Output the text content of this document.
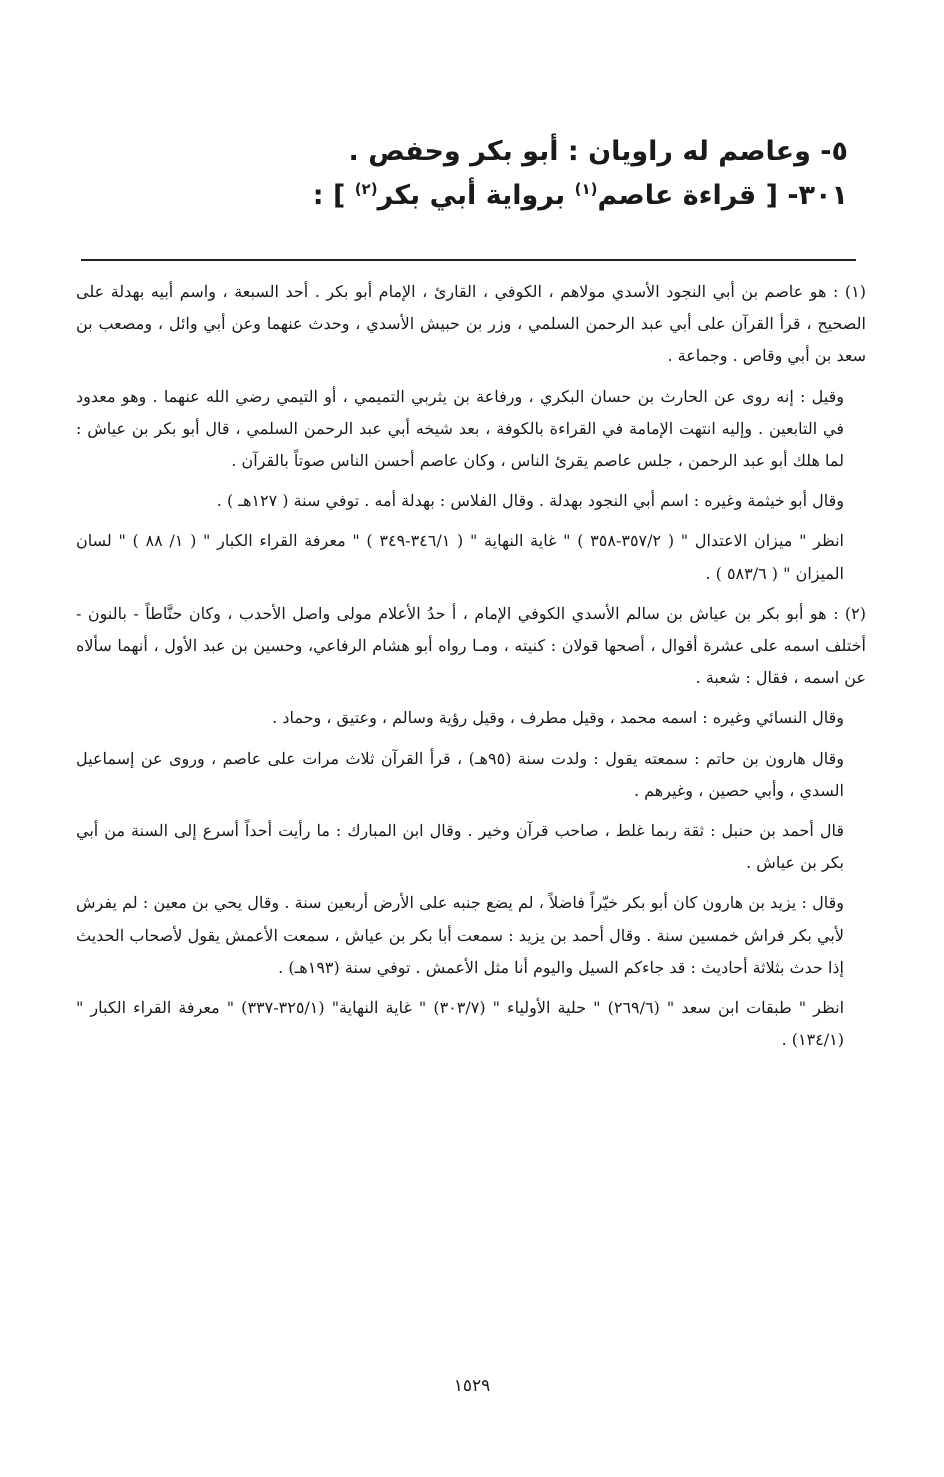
٥- وعاصم له راويان : أبو بكر وحفص .
٣٠١- [ قراءة عاصم$^{(١)}$ برواية أبي بكر$^{(٢)}$ ] :

(١) : هو عاصم بن أبي النجود الأسدي مولاهم ، الكوفي ، القارئ ، الإمام أبو بكر . أحد السبعة ، واسم أبيه بهدلة على الصحيح ، قرأ القرآن على أبي عبد الرحمن السلمي ، وزر بن حبيش الأسدي ، وحدث عنهما وعن أبي وائل ، ومصعب بن سعد بن أبي وقاص . وجماعة .

وقيل : إنه روى عن الحارث بن حسان البكري ، ورفاعة بن يثربي التميمي ، أو التيمي رضي الله عنهما . وهو معدود في التابعين . وإليه انتهت الإمامة في القراءة بالكوفة ، بعد شيخه أبي عبد الرحمن السلمي ، قال أبو بكر بن عياش : لما هلك أبو عبد الرحمن ، جلس عاصم يقرئ الناس ، وكان عاصم أحسن الناس صوتاً بالقرآن .

وقال أبو خيثمة وغيره : اسم أبي النجود بهدلة . وقال الفلاس : بهدلة أمه . توفي سنة ( ١٢٧هـ ) .

انظر " ميزان الاعتدال " ( ٣٥٧/٢-٣٥٨ ) " غاية النهاية " ( ٣٤٦/١-٣٤٩ ) " معرفة القراء الكبار " ( ١/ ٨٨ ) " لسان الميزان " ( ٥٨٣/٦ ) .

(٢) : هو أبو بكر بن عياش بن سالم الأسدي الكوفي الإمام ، أ حدُ الأعلام مولى واصل الأحدب ، وكان حنَّاطاً - بالنون - أختلف اسمه على عشرة أقوال ، أصحها قولان : كنيته ، ومـا رواه أبو هشام الرفاعي، وحسين بن عبد الأول ، أنهما سألاه عن اسمه ، فقال : شعبة .

وقال النسائي وغيره : اسمه محمد ، وقيل مطرف ، وقيل رؤية وسالم ، وعتيق ، وحماد .

وقال هارون بن حاتم : سمعته يقول : ولدت سنة (٩٥هـ) ، قرأ القرآن ثلاث مرات على عاصم ، وروى عن إسماعيل السدي ، وأبي حصين ، وغيرهم .

قال أحمد بن حنبل : ثقة ربما غلط ، صاحب قرآن وخير . وقال ابن المبارك : ما رأيت أحداً أسرع إلى السنة من أبي بكر بن عياش .

وقال : يزيد بن هارون كان أبو بكر خيّراً فاضلاً ، لم يضع جنبه على الأرض أربعين سنة . وقال يحي بن معين : لم يفرش لأبي بكر فراش خمسين سنة . وقال أحمد بن يزيد : سمعت أبا بكر بن عياش ، سمعت الأعمش يقول لأصحاب الحديث إذا حدث بثلاثة أحاديث : قد جاءكم السيل واليوم أنا مثل الأعمش . توفي سنة (١٩٣هـ) .

انظر " طبقات ابن سعد " (٢٦٩/٦) " حلية الأولياء " (٣٠٣/٧) " غاية النهاية" (٣٢٥/١-٣٣٧) " معرفة القراء الكبار " (١٣٤/١) .

١٥٢٩
